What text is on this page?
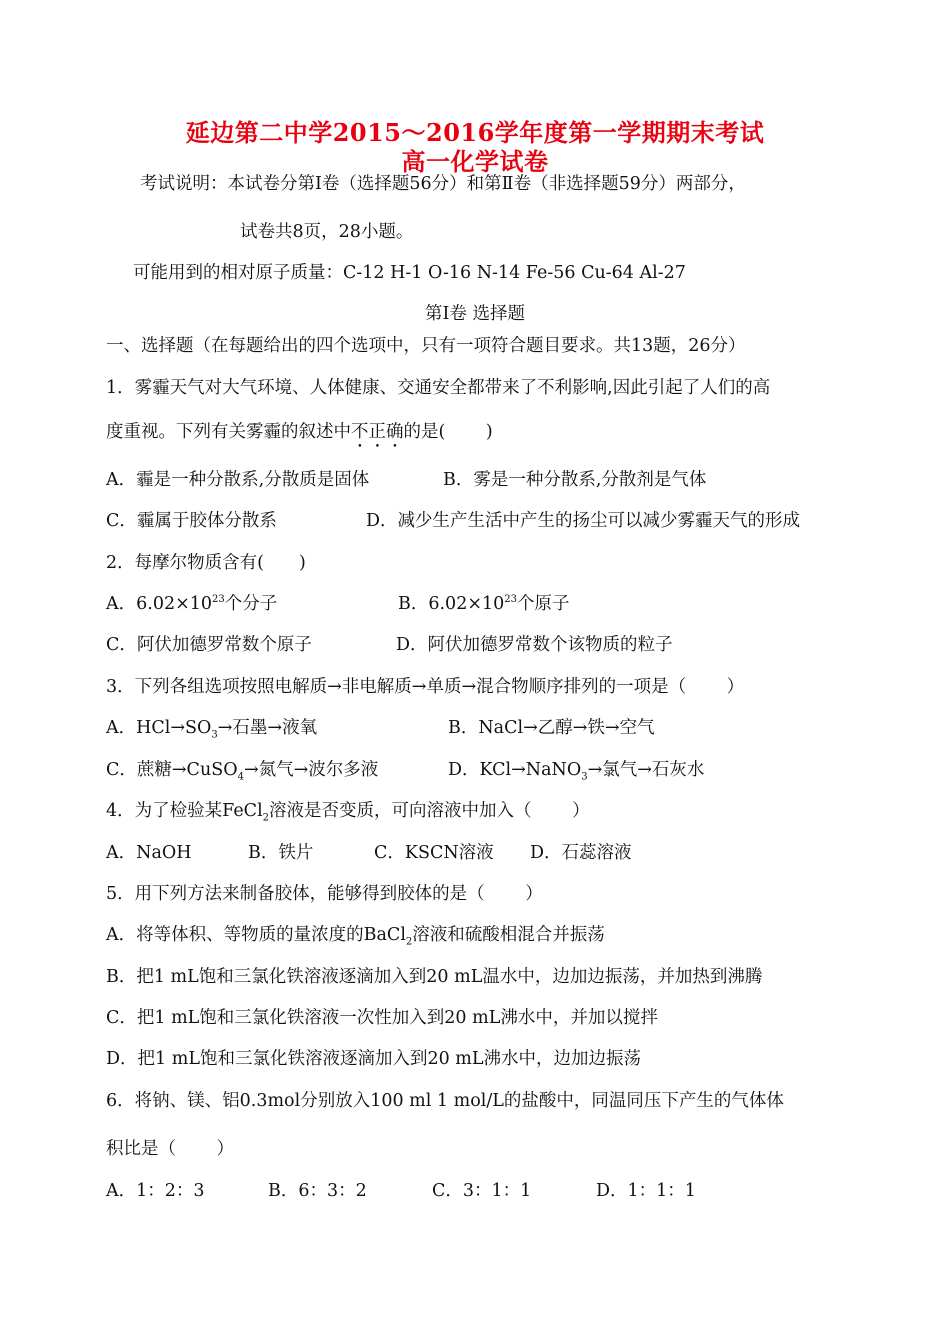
延边第二中学2015～2016学年度第一学期期末考试
高一化学试卷
考试说明：本试卷分第Ⅰ卷（选择题56分）和第Ⅱ卷（非选择题59分）两部分，
试卷共8页，28小题。
可能用到的相对原子质量：C-12 H-1 O-16 N-14 Fe-56 Cu-64 Al-27
第Ⅰ卷 选择题
一、选择题（在每题给出的四个选项中，只有一项符合题目要求。共13题，26分）
1．雾霾天气对大气环境、人体健康、交通安全都带来了不利影响,因此引起了人们的高
度重视。下列有关雾霾的叙述中不正确的是(　　 )
A．霾是一种分散系,分散质是固体	B．雾是一种分散系,分散剂是气体
C．霾属于胶体分散系	D．减少生产生活中产生的扬尘可以减少雾霾天气的形成
2．每摩尔物质含有(　　)
A．$6.02\times 10^{23}$个分子	B．$6.02\times 10^{23}$个原子
C．阿伏加德罗常数个原子	D．阿伏加德罗常数个该物质的粒子
3．下列各组选项按照电解质→非电解质→单质→混合物顺序排列的一项是（　　 ）
A．$HCl\to SO_3\to$石墨→液氧	B．NaCl→乙醇→铁→空气
C．蔗糖→CuSO$_4$→氮气→波尔多液	D．KCl→NaNO$_3$→氯气→石灰水
4．为了检验某FeCl$_2$溶液是否变质，可向溶液中加入（　　 ）
A．NaOH	B．铁片	C．KSCN溶液 D．石蕊溶液
5．用下列方法来制备胶体，能够得到胶体的是（　　 ）
A．将等体积、等物质的量浓度的BaCl$_2$溶液和硫酸相混合并振荡
B．把1 mL饱和三氯化铁溶液逐滴加入到20 mL温水中，边加边振荡，并加热到沸腾
C．把1 mL饱和三氯化铁溶液一次性加入到20 mL沸水中，并加以搅拌
D．把1 mL饱和三氯化铁溶液逐滴加入到20 mL沸水中，边加边振荡
6．将钠、镁、铝0.3mol分别放入100 ml 1 mol/L的盐酸中，同温同压下产生的气体体
积比是（　　 ）
A．1：2：3	B．6：3：2	C．3：1：1	D．1：1：1
